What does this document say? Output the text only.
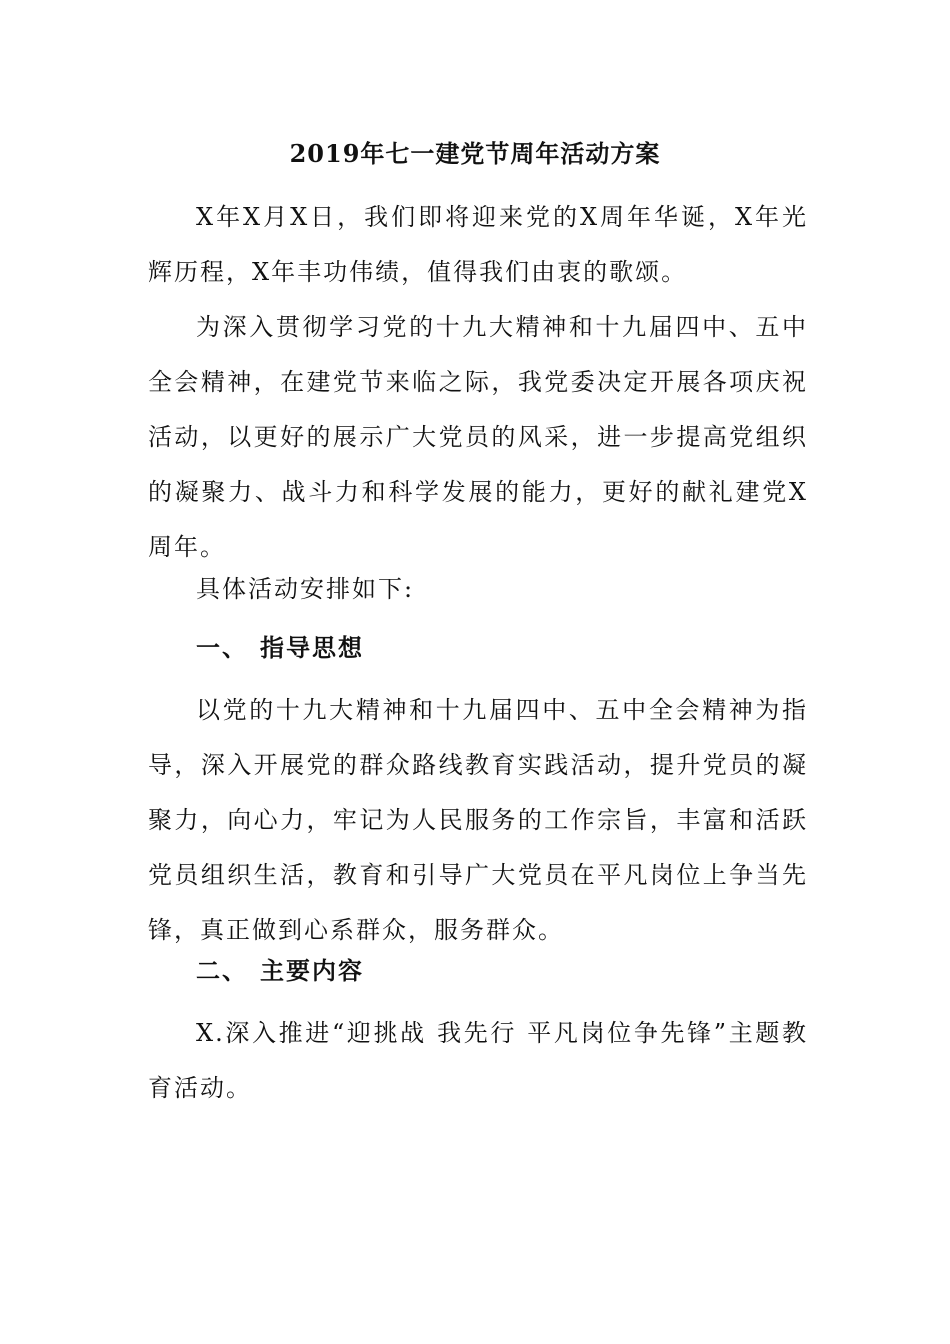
2019年七一建党节周年活动方案

X年X月X日，我们即将迎来党的X周年华诞，X年光辉历程，X年丰功伟绩，值得我们由衷的歌颂。

为深入贯彻学习党的十九大精神和十九届四中、五中全会精神，在建党节来临之际，我党委决定开展各项庆祝活动，以更好的展示广大党员的风采，进一步提高党组织的凝聚力、战斗力和科学发展的能力，更好的献礼建党X周年。

具体活动安排如下:

一、 指导思想

以党的十九大精神和十九届四中、五中全会精神为指导，深入开展党的群众路线教育实践活动，提升党员的凝聚力，向心力，牢记为人民服务的工作宗旨，丰富和活跃党员组织生活，教育和引导广大党员在平凡岗位上争当先锋，真正做到心系群众，服务群众。

二、 主要内容

X.深入推进“迎挑战 我先行 平凡岗位争先锋”主题教育活动。
